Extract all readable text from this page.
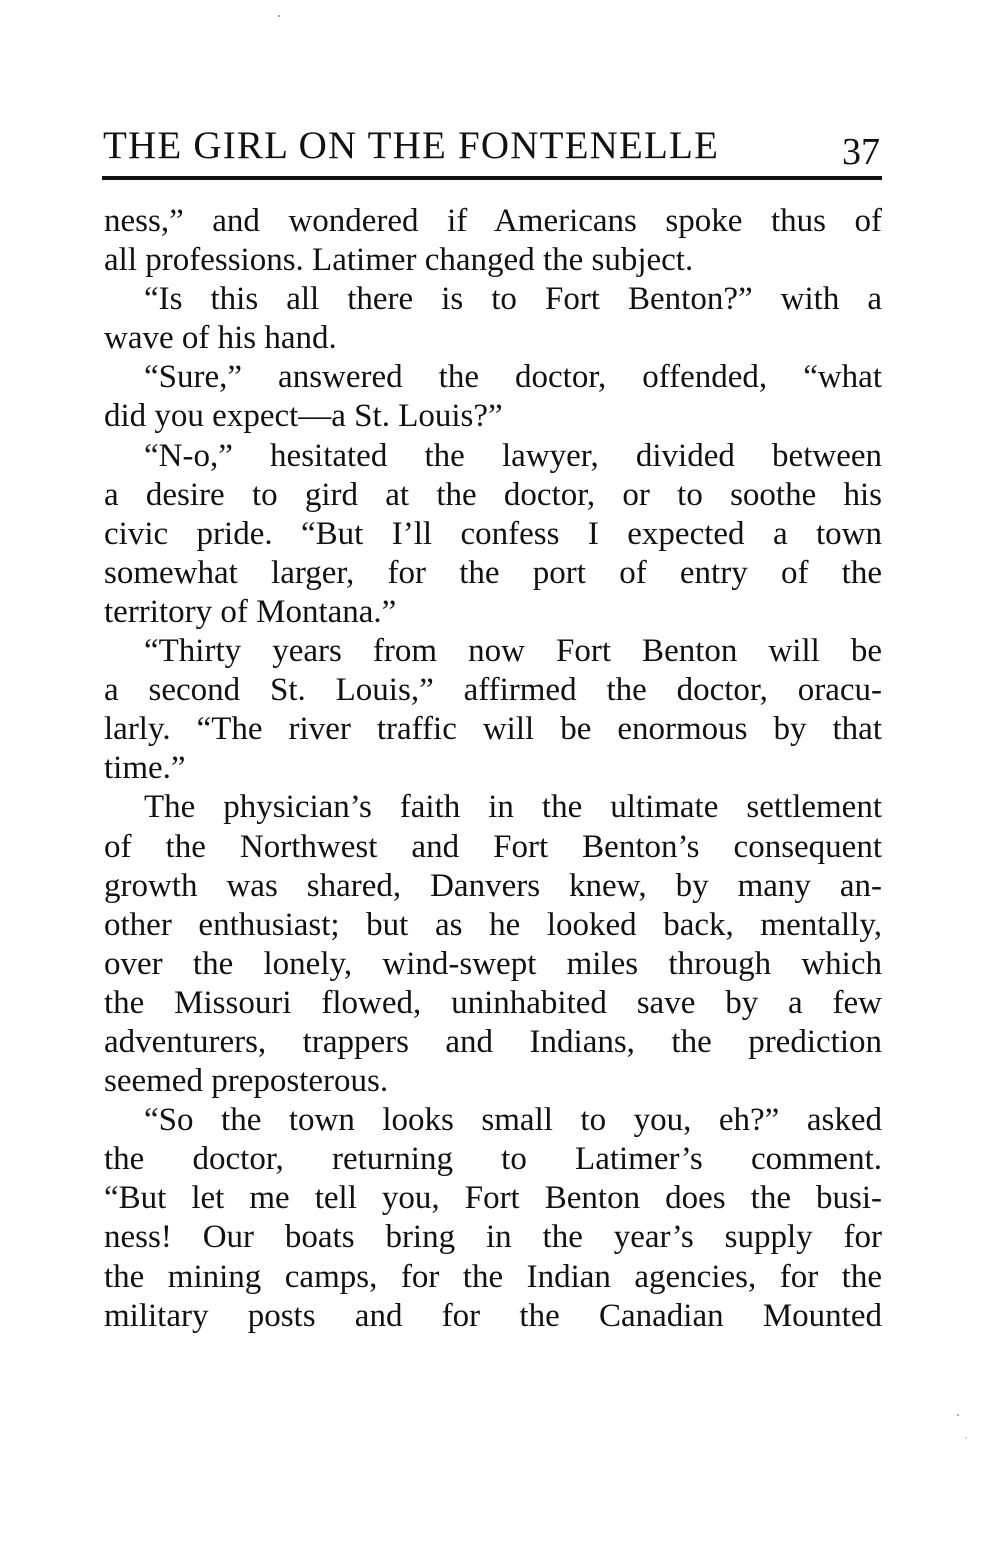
THE GIRL ON THE FONTENELLE	37
ness,” and wondered if Americans spoke thus of
all professions. Latimer changed the subject.
“Is this all there is to Fort Benton?” with a
wave of his hand.
“Sure,” answered the doctor, offended, “what
did you expect—a St. Louis?”
“N-o,” hesitated the lawyer, divided between
a desire to gird at the doctor, or to soothe his
civic pride. “But I’ll confess I expected a town
somewhat larger, for the port of entry of the
territory of Montana.”
“Thirty years from now Fort Benton will be
a second St. Louis,” affirmed the doctor, oracu-
larly. “The river traffic will be enormous by that
time.”
The physician’s faith in the ultimate settlement
of the Northwest and Fort Benton’s consequent
growth was shared, Danvers knew, by many an-
other enthusiast; but as he looked back, mentally,
over the lonely, wind-swept miles through which
the Missouri flowed, uninhabited save by a few
adventurers, trappers and Indians, the prediction
seemed preposterous.
“So the town looks small to you, eh?” asked
the doctor, returning to Latimer’s comment.
“But let me tell you, Fort Benton does the busi-
ness! Our boats bring in the year’s supply for
the mining camps, for the Indian agencies, for the
military posts and for the Canadian Mounted
